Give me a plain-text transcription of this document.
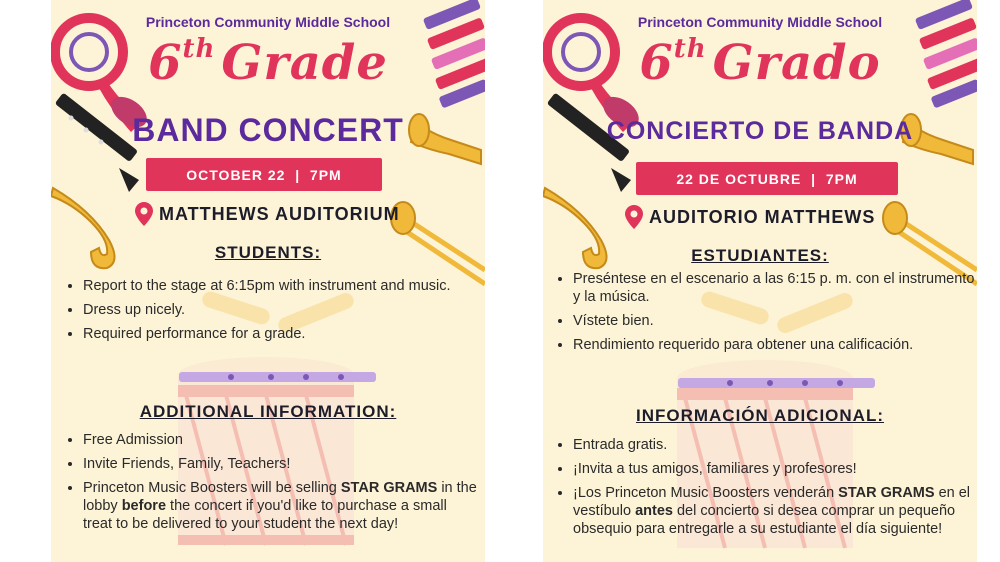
Princeton Community Middle School
6th Grade
BAND CONCERT
OCTOBER 22  |  7PM
MATTHEWS AUDITORIUM
STUDENTS:
• Report to the stage at 6:15pm with instrument and music.
• Dress up nicely.
• Required performance for a grade.
ADDITIONAL INFORMATION:
• Free Admission
• Invite Friends, Family, Teachers!
• Princeton Music Boosters will be selling STAR GRAMS in the lobby before the concert if you'd like to purchase a small treat to be delivered to your student the next day!
Princeton Community Middle School
6th Grado
CONCIERTO DE BANDA
22 DE OCTUBRE  |  7PM
AUDITORIO MATTHEWS
ESTUDIANTES:
• Preséntese en el escenario a las 6:15 p. m. con el instrumento y la música.
• Vístete bien.
• Rendimiento requerido para obtener una calificación.
INFORMACIÓN ADICIONAL:
• Entrada gratis.
• ¡Invita a tus amigos, familiares y profesores!
• ¡Los Princeton Music Boosters venderán STAR GRAMS en el vestíbulo antes del concierto si desea comprar un pequeño obsequio para entregarle a su estudiante el día siguiente!
